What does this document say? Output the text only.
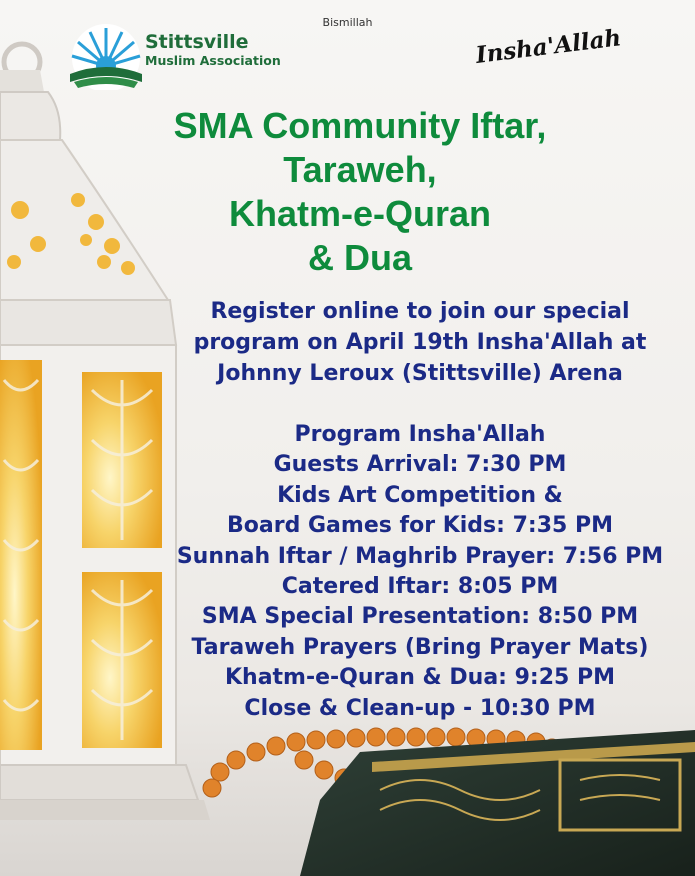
Stittsville
Muslim Association
Bismillah
Insha'Allah
SMA Community Iftar,
Taraweh,
Khatm-e-Quran
& Dua
Register online to join our special
program on April 19th Insha'Allah at
Johnny Leroux (Stittsville) Arena
Program Insha'Allah
Guests Arrival: 7:30 PM
Kids Art Competition &
Board Games for Kids: 7:35 PM
Sunnah Iftar / Maghrib Prayer: 7:56 PM
Catered Iftar: 8:05 PM
SMA Special Presentation: 8:50 PM
Taraweh Prayers (Bring Prayer Mats)
Khatm-e-Quran & Dua: 9:25 PM
Close & Clean-up - 10:30 PM
